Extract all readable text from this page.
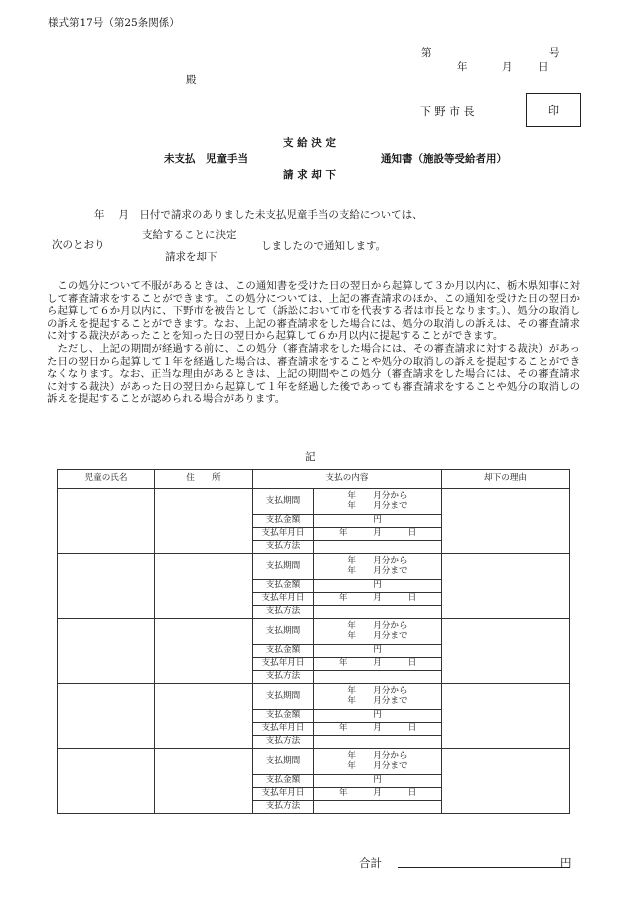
様式第17号（第25条関係）
第	号
年	月 日
殿
下 野 市 長	印
支 給 決 定
未支払　児童手当	通知書（施設等受給者用）
請 求 却 下
年　 月　日付で請求のありました未支払児童手当の支給については、
次のとおり
支給することに決定
請求を却下
しましたので通知します。

この処分について不服があるときは、この通知書を受けた日の翌日から起算して３か月以内に、栃木県知事に対して審査請求をすることができます。この処分については、上記の審査請求のほか、この通知を受けた日の翌日から起算して６か月以内に、下野市を被告として（訴訟において市を代表する者は市長となります。）、処分の取消しの訴えを提起することができます。なお、上記の審査請求をした場合には、処分の取消しの訴えは、その審査請求に対する裁決があったことを知った日の翌日から起算して６か月以内に提起することができます。

ただし、上記の期間が経過する前に、この処分（審査請求をした場合には、その審査請求に対する裁決）があった日の翌日から起算して１年を経過した場合は、審査請求をすることや処分の取消しの訴えを提起することができなくなります。なお、正当な理由があるときは、上記の期間やこの処分（審査請求をした場合には、その審査請求に対する裁決）があった日の翌日から起算して１年を経過した後であっても審査請求をすることや処分の取消しの訴えを提起することが認められる場合があります。

記
児童の氏名	住　　所	支払の内容		却下の理由
		支払期間	年　　月分から
年　　月分まで	

		支払金額	円	
		支払年月日	年　　　月　　　日	
		支払方法		
		支払期間	年　　月分から
年　　月分まで	

		支払金額	円	
		支払年月日	年　　　月　　　日	
		支払方法		
		支払期間	年　　月分から
年　　月分まで	

		支払金額	円	
		支払年月日	年　　　月　　　日	
		支払方法		
		支払期間	年　　月分から
年　　月分まで	

		支払金額	円	
		支払年月日	年　　　月　　　日	
		支払方法		
		支払期間	年　　月分から
年　　月分まで	

		支払金額	円	
		支払年月日	年　　　月　　　日	
		支払方法		
合計	円
